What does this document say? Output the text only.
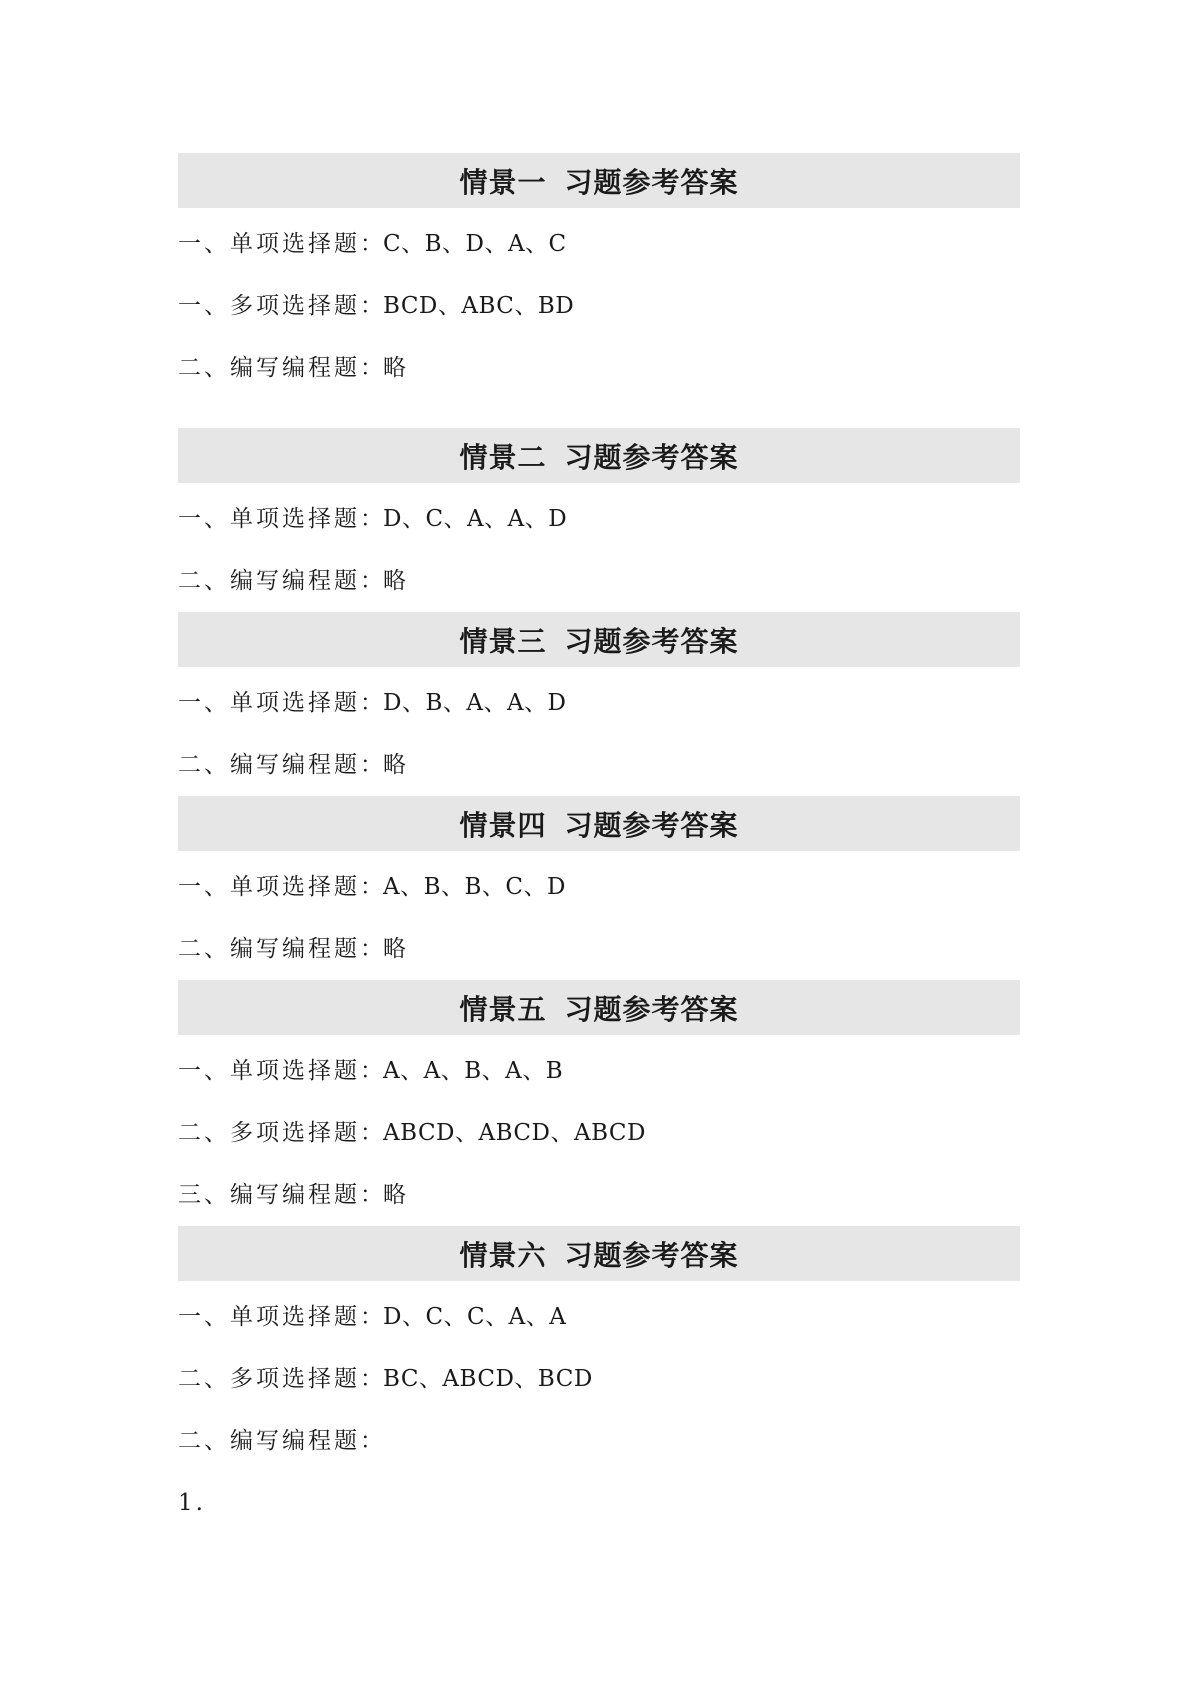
情景一 习题参考答案
一、单项选择题：C、B、D、A、C
一、多项选择题：BCD、ABC、BD
二、编写编程题：略
情景二 习题参考答案
一、单项选择题：D、C、A、A、D
二、编写编程题：略
情景三 习题参考答案
一、单项选择题：D、B、A、A、D
二、编写编程题：略
情景四 习题参考答案
一、单项选择题：A、B、B、C、D
二、编写编程题：略
情景五 习题参考答案
一、单项选择题：A、A、B、A、B
二、多项选择题：ABCD、ABCD、ABCD
三、编写编程题：略
情景六 习题参考答案
一、单项选择题：D、C、C、A、A
二、多项选择题：BC、ABCD、BCD
二、编写编程题：
1.
